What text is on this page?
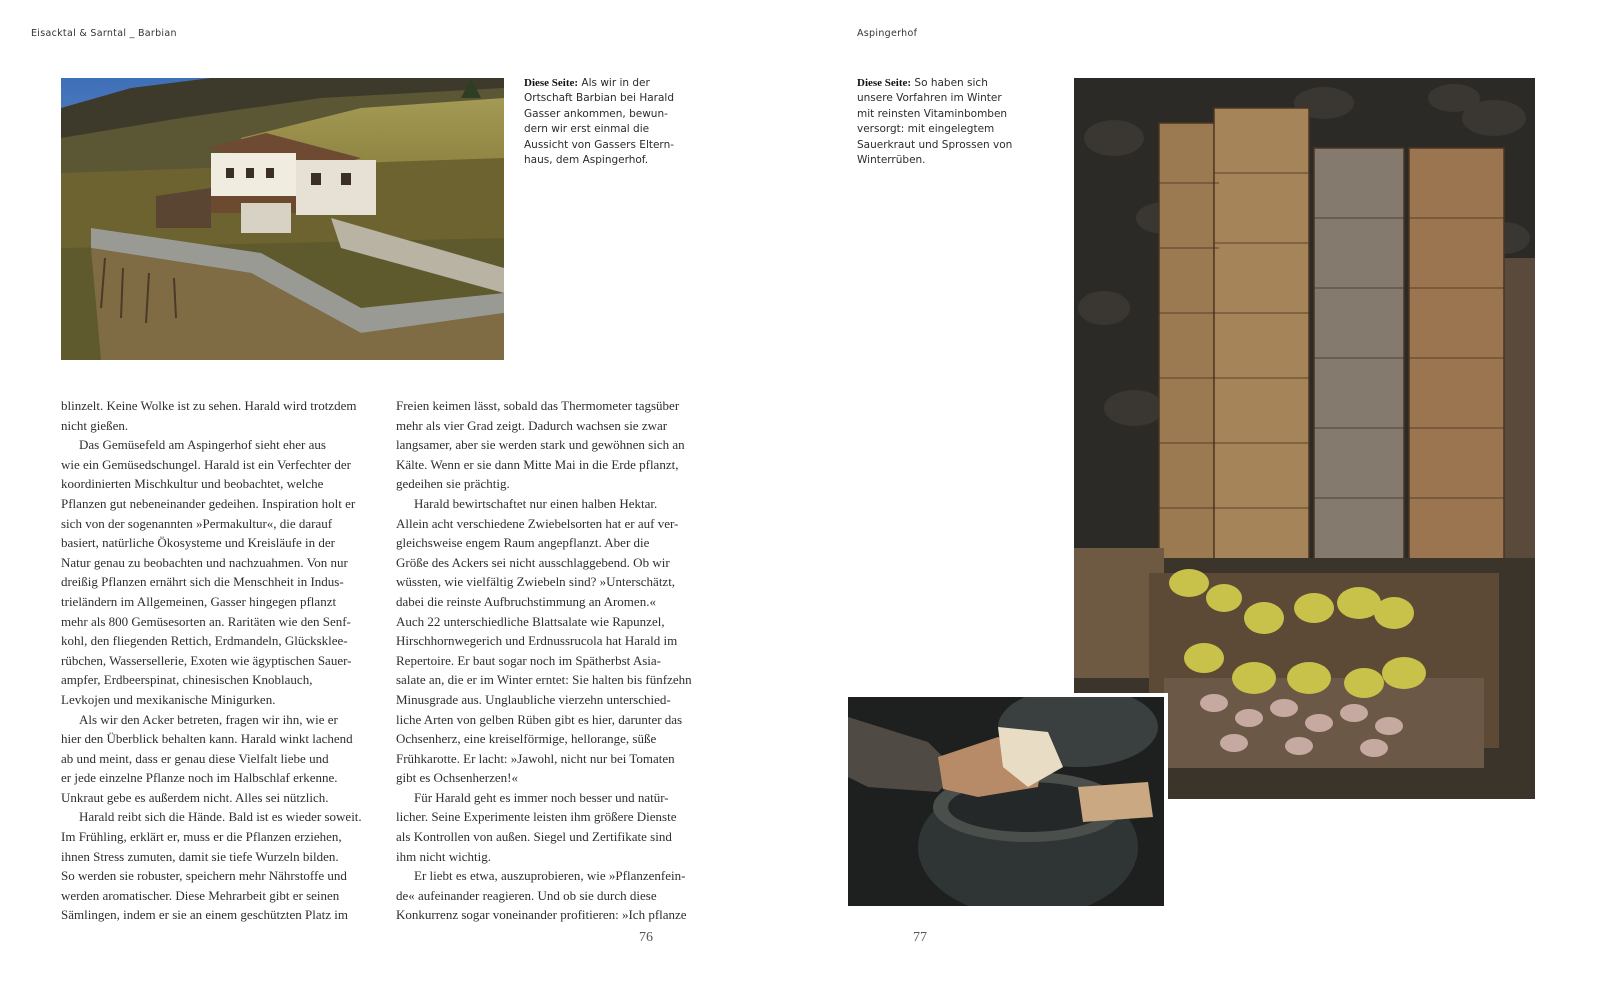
Eisacktal & Sarntal _ Barbian

Diese Seite: Als wir in der

Ortschaft Barbian bei Harald

Gasser ankommen, bewun-

dern wir erst einmal die

Aussicht von Gassers Eltern-

haus, dem Aspingerhof.

blinzelt. Keine Wolke ist zu sehen. Harald wird trotzdem

nicht gießen.

Das Gemüsefeld am Aspingerhof sieht eher aus

wie ein Gemüsedschungel. Harald ist ein Verfechter der

koordinierten Mischkultur und beobachtet, welche

Pflanzen gut nebeneinander gedeihen. Inspiration holt er

sich von der sogenannten »Permakultur«, die darauf

basiert, natürliche Ökosysteme und Kreisläufe in der

Natur genau zu beobachten und nachzuahmen. Von nur

dreißig Pflanzen ernährt sich die Menschheit in Indus-

trieländern im Allgemeinen, Gasser hingegen pflanzt

mehr als 800 Gemüsesorten an. Raritäten wie den Senf-

kohl, den fliegenden Rettich, Erdmandeln, Glücksklee-

rübchen, Wassersellerie, Exoten wie ägyptischen Sauer-

ampfer, Erdbeerspinat, chinesischen Knoblauch,

Levkojen und mexikanische Minigurken.

Als wir den Acker betreten, fragen wir ihn, wie er

hier den Überblick behalten kann. Harald winkt lachend

ab und meint, dass er genau diese Vielfalt liebe und

er jede einzelne Pflanze noch im Halbschlaf erkenne.

Unkraut gebe es außerdem nicht. Alles sei nützlich.

Harald reibt sich die Hände. Bald ist es wieder soweit.

Im Frühling, erklärt er, muss er die Pflanzen erziehen,

ihnen Stress zumuten, damit sie tiefe Wurzeln bilden.

So werden sie robuster, speichern mehr Nährstoffe und

werden aromatischer. Diese Mehrarbeit gibt er seinen

Sämlingen, indem er sie an einem geschützten Platz im

Freien keimen lässt, sobald das Thermometer tagsüber

mehr als vier Grad zeigt. Dadurch wachsen sie zwar

langsamer, aber sie werden stark und gewöhnen sich an

Kälte. Wenn er sie dann Mitte Mai in die Erde pflanzt,

gedeihen sie prächtig.

Harald bewirtschaftet nur einen halben Hektar.

Allein acht verschiedene Zwiebelsorten hat er auf ver-

gleichsweise engem Raum angepflanzt. Aber die

Größe des Ackers sei nicht ausschlaggebend. Ob wir

wüssten, wie vielfältig Zwiebeln sind? »Unterschätzt,

dabei die reinste Aufbruchstimmung an Aromen.«

Auch 22 unterschiedliche Blattsalate wie Rapunzel,

Hirschhornwegerich und Erdnussrucola hat Harald im

Repertoire. Er baut sogar noch im Spätherbst Asia-

salate an, die er im Winter erntet: Sie halten bis fünfzehn

Minusgrade aus. Unglaubliche vierzehn unterschied-

liche Arten von gelben Rüben gibt es hier, darunter das

Ochsenherz, eine kreiselförmige, hellorange, süße

Frühkarotte. Er lacht: »Jawohl, nicht nur bei Tomaten

gibt es Ochsenherzen!«

Für Harald geht es immer noch besser und natür-

licher. Seine Experimente leisten ihm größere Dienste

als Kontrollen von außen. Siegel und Zertifikate sind

ihm nicht wichtig.

Er liebt es etwa, auszuprobieren, wie »Pflanzenfein-

de« aufeinander reagieren. Und ob sie durch diese

Konkurrenz sogar voneinander profitieren: »Ich pflanze

76
Aspingerhof

Diese Seite: So haben sich

unsere Vorfahren im Winter

mit reinsten Vitaminbomben

versorgt: mit eingelegtem

Sauerkraut und Sprossen von

Winterrüben.

77
